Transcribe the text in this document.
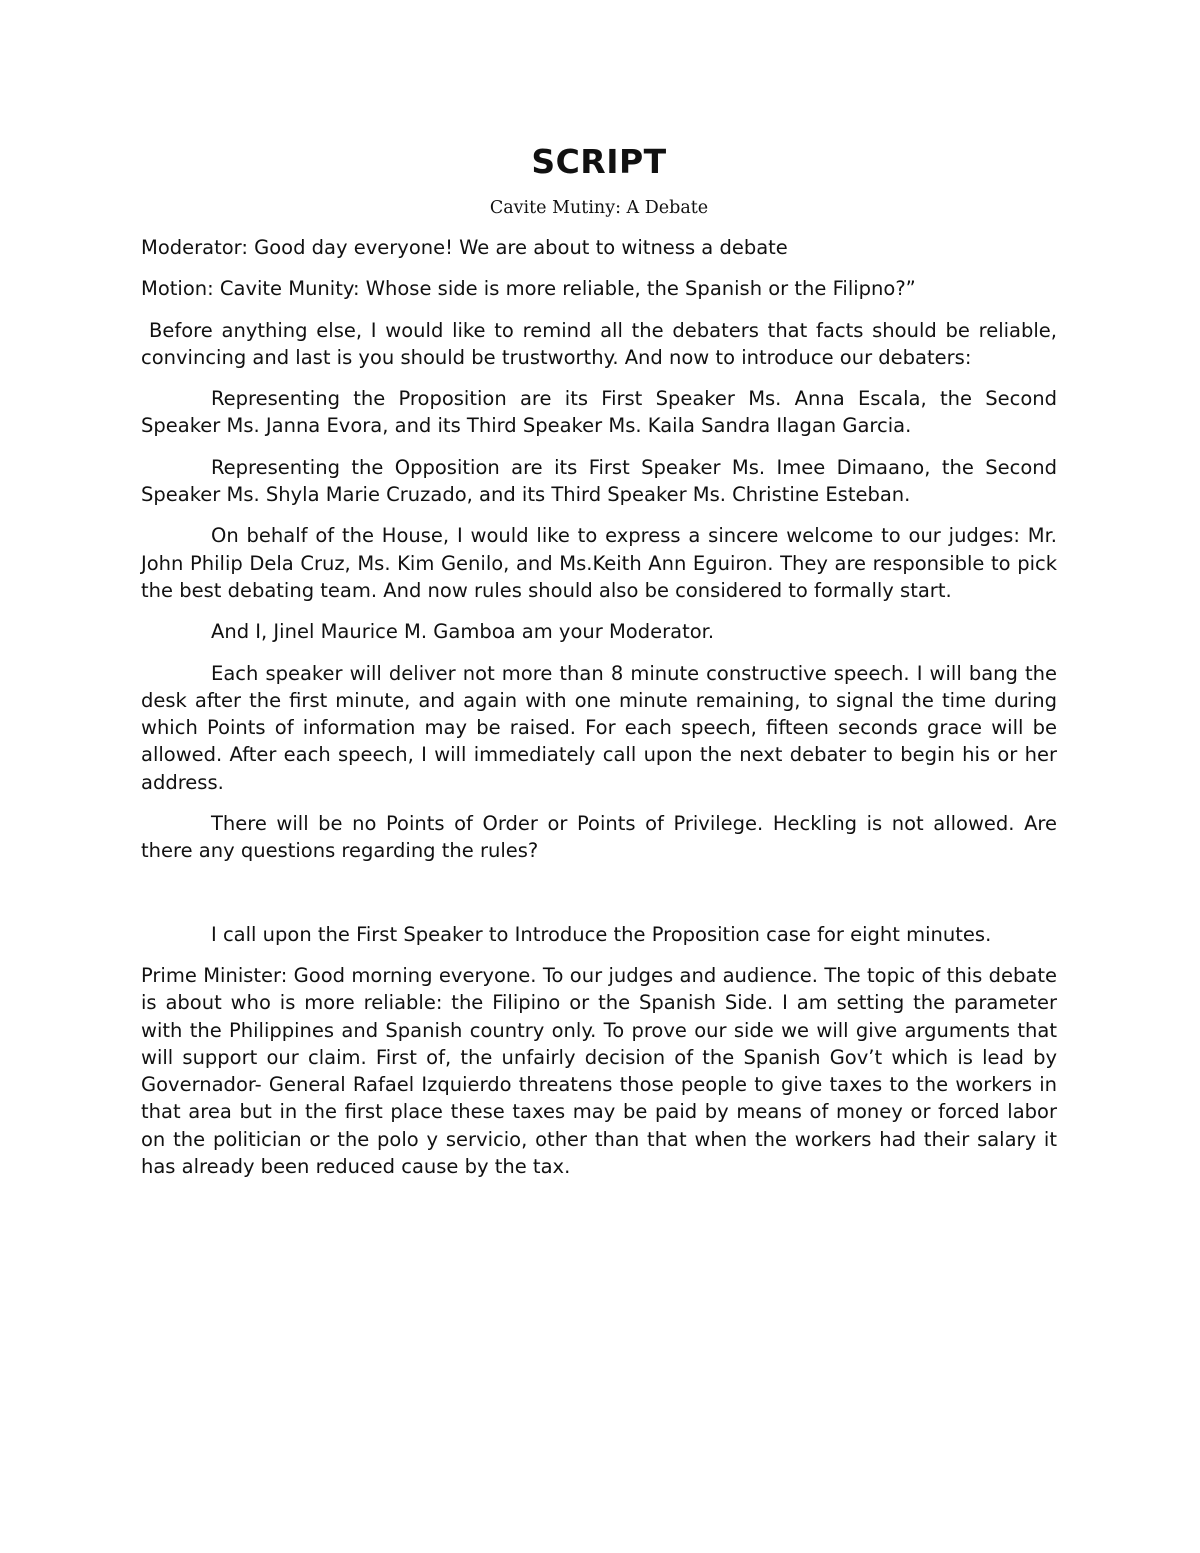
SCRIPT
Cavite Mutiny: A Debate

Moderator: Good day everyone! We are about to witness a debate

Motion: Cavite Munity: Whose side is more reliable, the Spanish or the Filipno?”

Before anything else, I would like to remind all the debaters that facts should be reliable, convincing and last is you should be trustworthy. And now to introduce our debaters:

Representing the Proposition are its First Speaker Ms. Anna Escala, the Second Speaker Ms. Janna Evora, and its Third Speaker Ms. Kaila Sandra Ilagan Garcia.

Representing the Opposition are its First Speaker Ms. Imee Dimaano, the Second Speaker Ms. Shyla Marie Cruzado, and its Third Speaker Ms. Christine Esteban.

On behalf of the House, I would like to express a sincere welcome to our judges: Mr. John Philip Dela Cruz, Ms. Kim Genilo, and Ms.Keith Ann Eguiron. They are responsible to pick the best debating team. And now rules should also be considered to formally start.

And I, Jinel Maurice M. Gamboa am your Moderator.

Each speaker will deliver not more than 8 minute constructive speech. I will bang the desk after the first minute, and again with one minute remaining, to signal the time during which Points of information may be raised. For each speech, fifteen seconds grace will be allowed. After each speech, I will immediately call upon the next debater to begin his or her address.

There will be no Points of Order or Points of Privilege. Heckling is not allowed. Are there any questions regarding the rules?

I call upon the First Speaker to Introduce the Proposition case for eight minutes.

Prime Minister: Good morning everyone. To our judges and audience. The topic of this debate is about who is more reliable: the Filipino or the Spanish Side. I am setting the parameter with the Philippines and Spanish country only. To prove our side we will give arguments that will support our claim. First of, the unfairly decision of the Spanish Gov’t which is lead by Governador- General Rafael Izquierdo threatens those people to give taxes to the workers in that area but in the first place these taxes may be paid by means of money or forced labor on the politician or the polo y servicio, other than that when the workers had their salary it has already been reduced cause by the tax.
